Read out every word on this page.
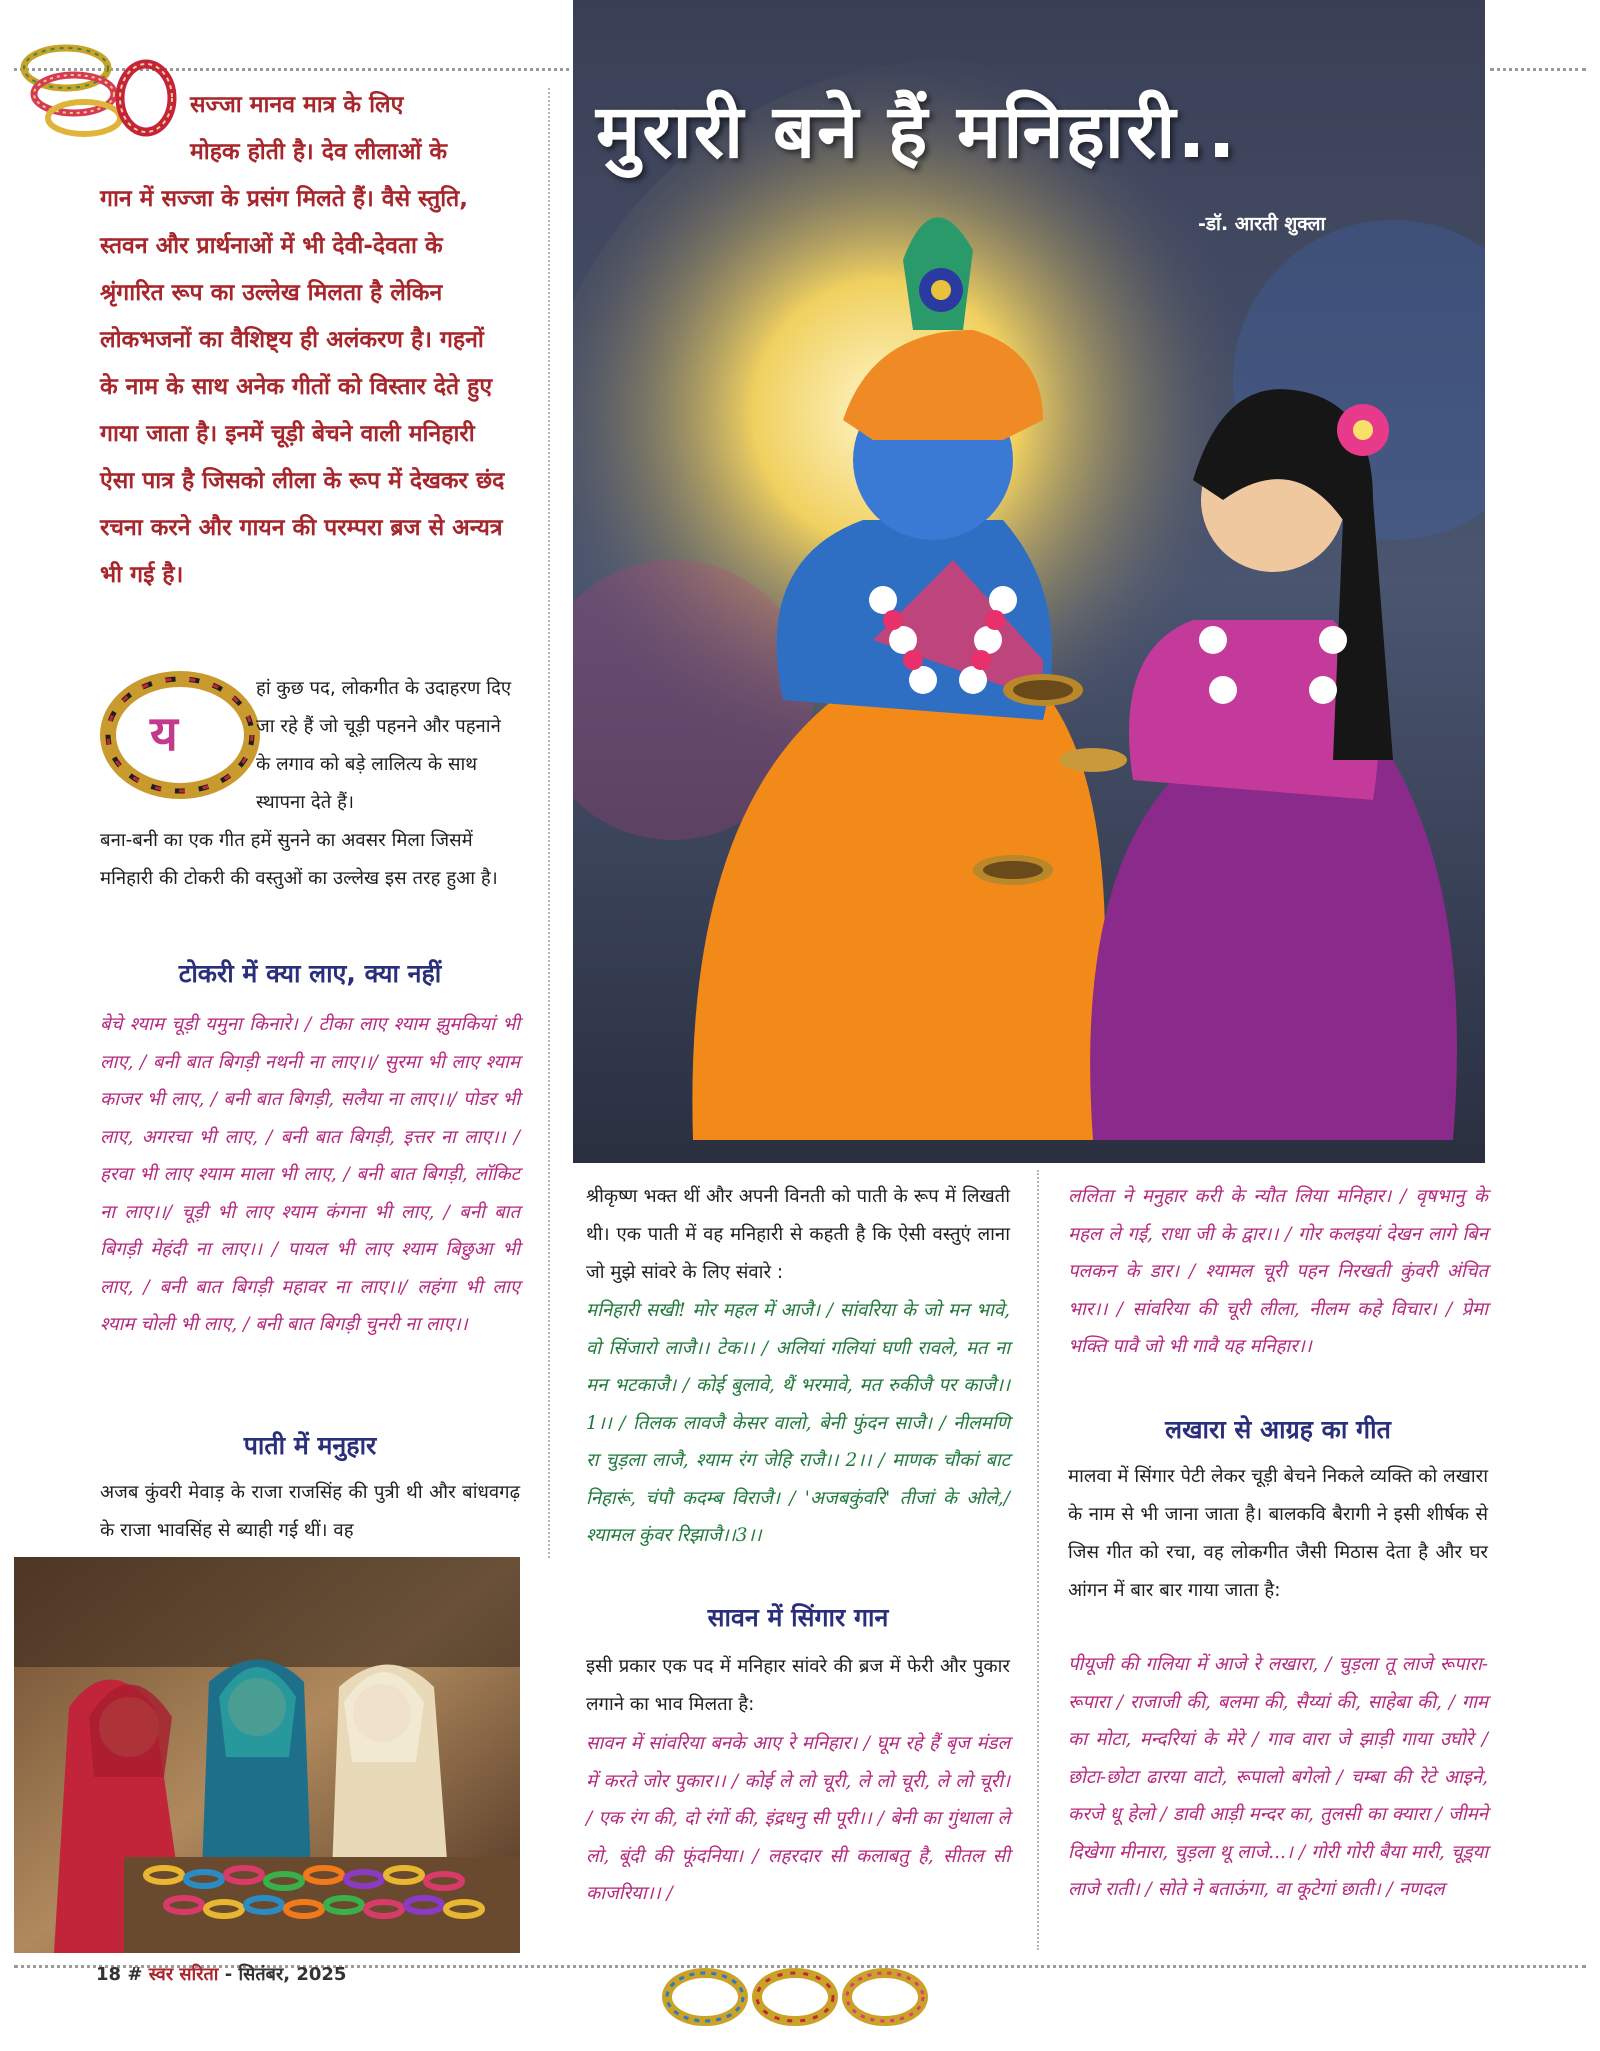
सज्जा मानव मात्र के लिए
मोहक होती है। देव लीलाओं के
गान में सज्जा के प्रसंग मिलते हैं। वैसे स्तुति, स्तवन और प्रार्थनाओं में भी देवी-देवता के श्रृंगारित रूप का उल्लेख मिलता है लेकिन लोकभजनों का वैशिष्ट्य ही अलंकरण है। गहनों के नाम के साथ अनेक गीतों को विस्तार देते हुए गाया जाता है। इनमें चूड़ी बेचने वाली मनिहारी ऐसा पात्र है जिसको लीला के रूप में देखकर छंद रचना करने और गायन की परम्परा ब्रज से अन्यत्र भी गई है।

य
हां कुछ पद, लोकगीत के उदाहरण दिए जा रहे हैं जो चूड़ी पहनने और पहनाने के लगाव को बड़े लालित्य के साथ स्थापना देते हैं।
बना-बनी का एक गीत हमें सुनने का अवसर मिला जिसमें मनिहारी की टोकरी की वस्तुओं का उल्लेख इस तरह हुआ है।
टोकरी में क्या लाए, क्या नहीं

बेचे श्याम चूड़ी यमुना किनारे। / टीका लाए श्याम झुमकियां भी लाए, / बनी बात बिगड़ी नथनी ना लाए।।/ सुरमा भी लाए श्याम काजर भी लाए, / बनी बात बिगड़ी, सलैया ना लाए।।/ पोडर भी लाए, अगरचा भी लाए, / बनी बात बिगड़ी, इत्तर ना लाए।। / हरवा भी लाए श्याम माला भी लाए, / बनी बात बिगड़ी, लॉकिट ना लाए।।/ चूड़ी भी लाए श्याम कंगना भी लाए, / बनी बात बिगड़ी मेहंदी ना लाए।। / पायल भी लाए श्याम बिछुआ भी लाए, / बनी बात बिगड़ी महावर ना लाए।।/ लहंगा भी लाए श्याम चोली भी लाए, / बनी बात बिगड़ी चुनरी ना लाए।।

पाती में मनुहार

अजब कुंवरी मेवाड़ के राजा राजसिंह की पुत्री थी और बांधवगढ़ के राजा भावसिंह से ब्याही गई थीं। वह

मुरारी बने हैं मनिहारी..

-डॉ. आरती शुक्ला

श्रीकृष्ण भक्त थीं और अपनी विनती को पाती के रूप में लिखती थी। एक पाती में वह मनिहारी से कहती है कि ऐसी वस्तुएं लाना जो मुझे सांवरे के लिए संवारे :

मनिहारी सखी! मोर महल में आजै। / सांवरिया के जो मन भावे, वो सिंजारो लाजै।। टेक।। / अलियां गलियां घणी रावले, मत ना मन भटकाजै। / कोई बुलावे, थैं भरमावे, मत रुकीजै पर काजै।। 1।। / तिलक लावजै केसर वालो, बेनी फुंदन साजै। / नीलमणि रा चुड़ला लाजै, श्याम रंग जेहि राजै।। 2।। / माणक चौकां बाट निहारूं, चंपौ कदम्ब विराजै। / 'अजबकुंवरि' तीजां के ओले,/ श्यामल कुंवर रिझाजै।।3।।

सावन में सिंगार गान

इसी प्रकार एक पद में मनिहार सांवरे की ब्रज में फेरी और पुकार लगाने का भाव मिलता है:

सावन में सांवरिया बनके आए रे मनिहार। / घूम रहे हैं बृज मंडल में करते जोर पुकार।। / कोई ले लो चूरी, ले लो चूरी, ले लो चूरी। / एक रंग की, दो रंगों की, इंद्रधनु सी पूरी।। / बेनी का गुंथाला ले लो, बूंदी की फूंदनिया। / लहरदार सी कलाबतु है, सीतल सी काजरिया।। /

ललिता ने मनुहार करी के न्यौत लिया मनिहार। / वृषभानु के महल ले गई, राधा जी के द्वार।। / गोर कलइयां देखन लागे बिन पलकन के डार। / श्यामल चूरी पहन निरखती कुंवरी अंचित भार।। / सांवरिया की चूरी लीला, नीलम कहे विचार। / प्रेमा भक्ति पावै जो भी गावै यह मनिहार।।

लखारा से आग्रह का गीत

मालवा में सिंगार पेटी लेकर चूड़ी बेचने निकले व्यक्ति को लखारा के नाम से भी जाना जाता है। बालकवि बैरागी ने इसी शीर्षक से जिस गीत को रचा, वह लोकगीत जैसी मिठास देता है और घर आंगन में बार बार गाया जाता है:

पीयूजी की गलिया में आजे रे लखारा, / चुड़ला तू लाजे रूपारा-रूपारा / राजाजी की, बलमा की, सैय्यां की, साहेबा की, / गाम का मोटा, मन्दरियां के मेरे / गाव वारा जे झाड़ी गाया उघोरे / छोटा-छोटा ढारया वाटो, रूपालो बगेलो / चम्बा की रेटे आइने, करजे धू हेलो / डावी आड़ी मन्दर का, तुलसी का क्यारा / जीमने दिखेगा मीनारा, चुड़ला थू लाजे...। / गोरी गोरी बैया मारी, चूड़्या लाजे राती। / सोते ने बताऊंगा, वा कूटेगां छाती। / नणदल

18 # स्वर सरिता - सितंबर, 2025
